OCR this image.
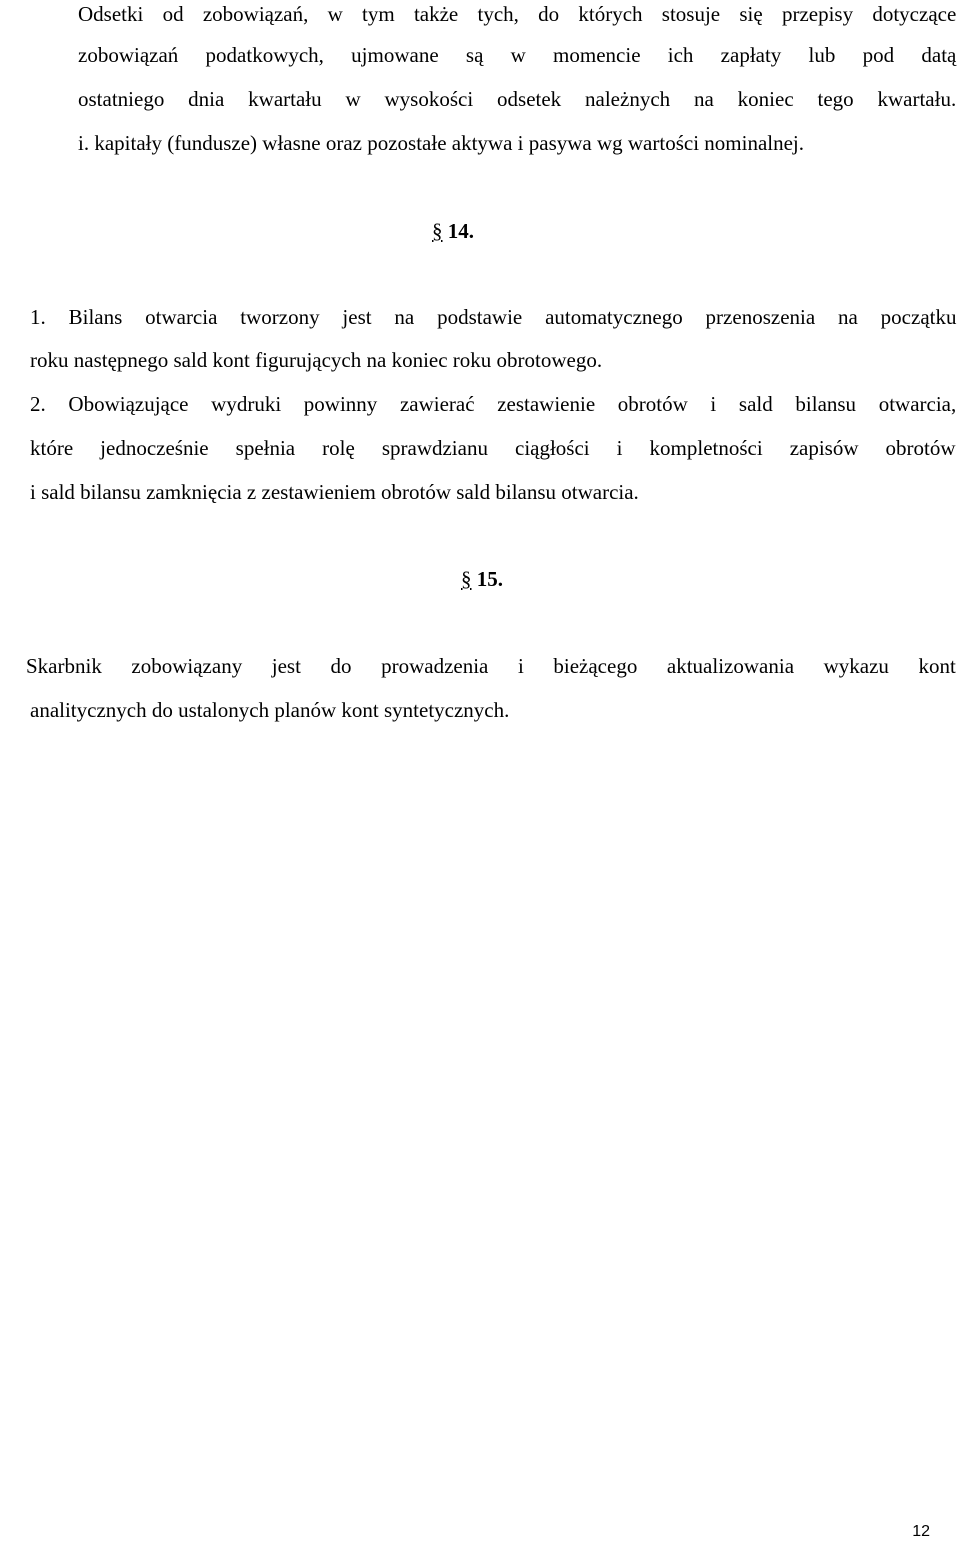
Odsetki od zobowiązań, w tym także tych, do których stosuje się przepisy dotyczące

zobowiązań podatkowych, ujmowane są w momencie ich zapłaty lub pod datą

ostatniego dnia kwartału w wysokości odsetek należnych na koniec tego kwartału.

i. kapitały (fundusze) własne oraz pozostałe aktywa i pasywa wg wartości nominalnej.

§ 14.

1. Bilans otwarcia tworzony jest na podstawie automatycznego przenoszenia na początku

roku następnego sald kont figurujących na koniec roku obrotowego.

2. Obowiązujące wydruki powinny zawierać zestawienie obrotów i sald bilansu otwarcia,

które jednocześnie spełnia rolę sprawdzianu ciągłości i kompletności zapisów obrotów

i sald bilansu zamknięcia z zestawieniem obrotów sald bilansu otwarcia.

§ 15.

Skarbnik zobowiązany jest do prowadzenia i bieżącego aktualizowania wykazu kont

analitycznych do ustalonych planów kont syntetycznych.

12
